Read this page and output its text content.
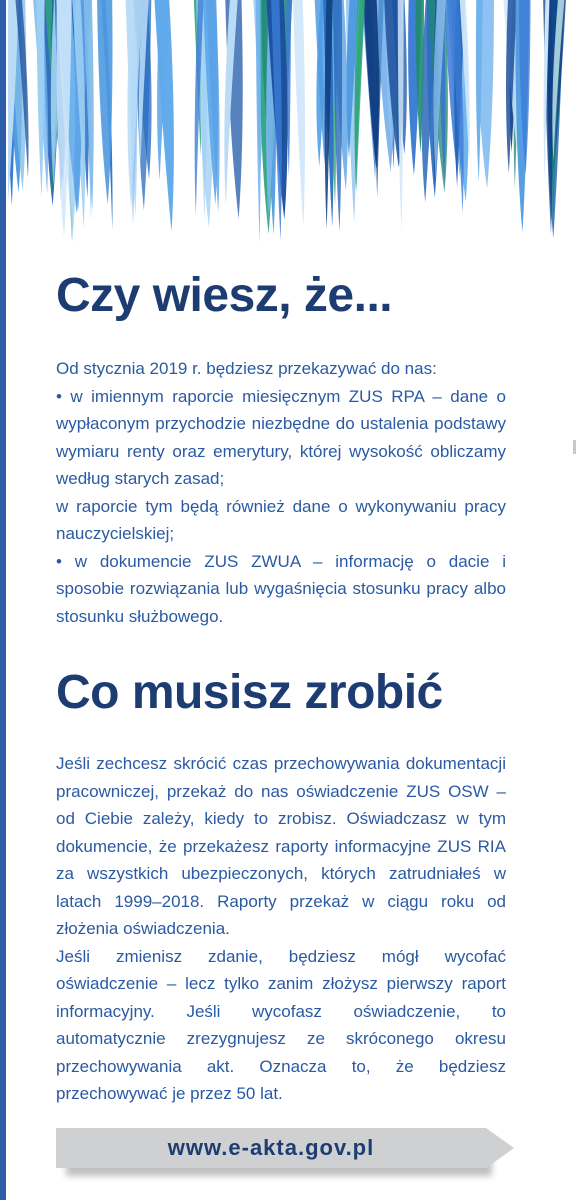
Czy wiesz, że...

Od stycznia 2019 r. będziesz przekazywać do nas:

• w imiennym raporcie miesięcznym ZUS RPA – dane o wypłaconym przychodzie niezbędne do ustalenia podstawy wymiaru renty oraz emerytury, której wysokość obliczamy według starych zasad;

w raporcie tym będą również dane o wykonywaniu pracy nauczycielskiej;

• w dokumencie ZUS ZWUA – informację o dacie i sposobie rozwiązania lub wygaśnięcia stosunku pracy albo stosunku służbowego.

Co musisz zrobić

Jeśli zechcesz skrócić czas przechowywania dokumentacji pracowniczej, przekaż do nas oświadczenie ZUS OSW – od Ciebie zależy, kiedy to zrobisz. Oświadczasz w tym dokumencie, że przekażesz raporty informacyjne ZUS RIA za wszystkich ubezpieczonych, których zatrudniałeś w latach 1999–2018. Raporty przekaż w ciągu roku od złożenia oświadczenia.

Jeśli zmienisz zdanie, będziesz mógł wycofać oświadczenie – lecz tylko zanim złożysz pierwszy raport informacyjny. Jeśli wycofasz oświadczenie, to automatycznie zrezygnujesz ze skróconego okresu przechowywania akt. Oznacza to, że będziesz przechowywać je przez 50 lat.

www.e-akta.gov.pl
